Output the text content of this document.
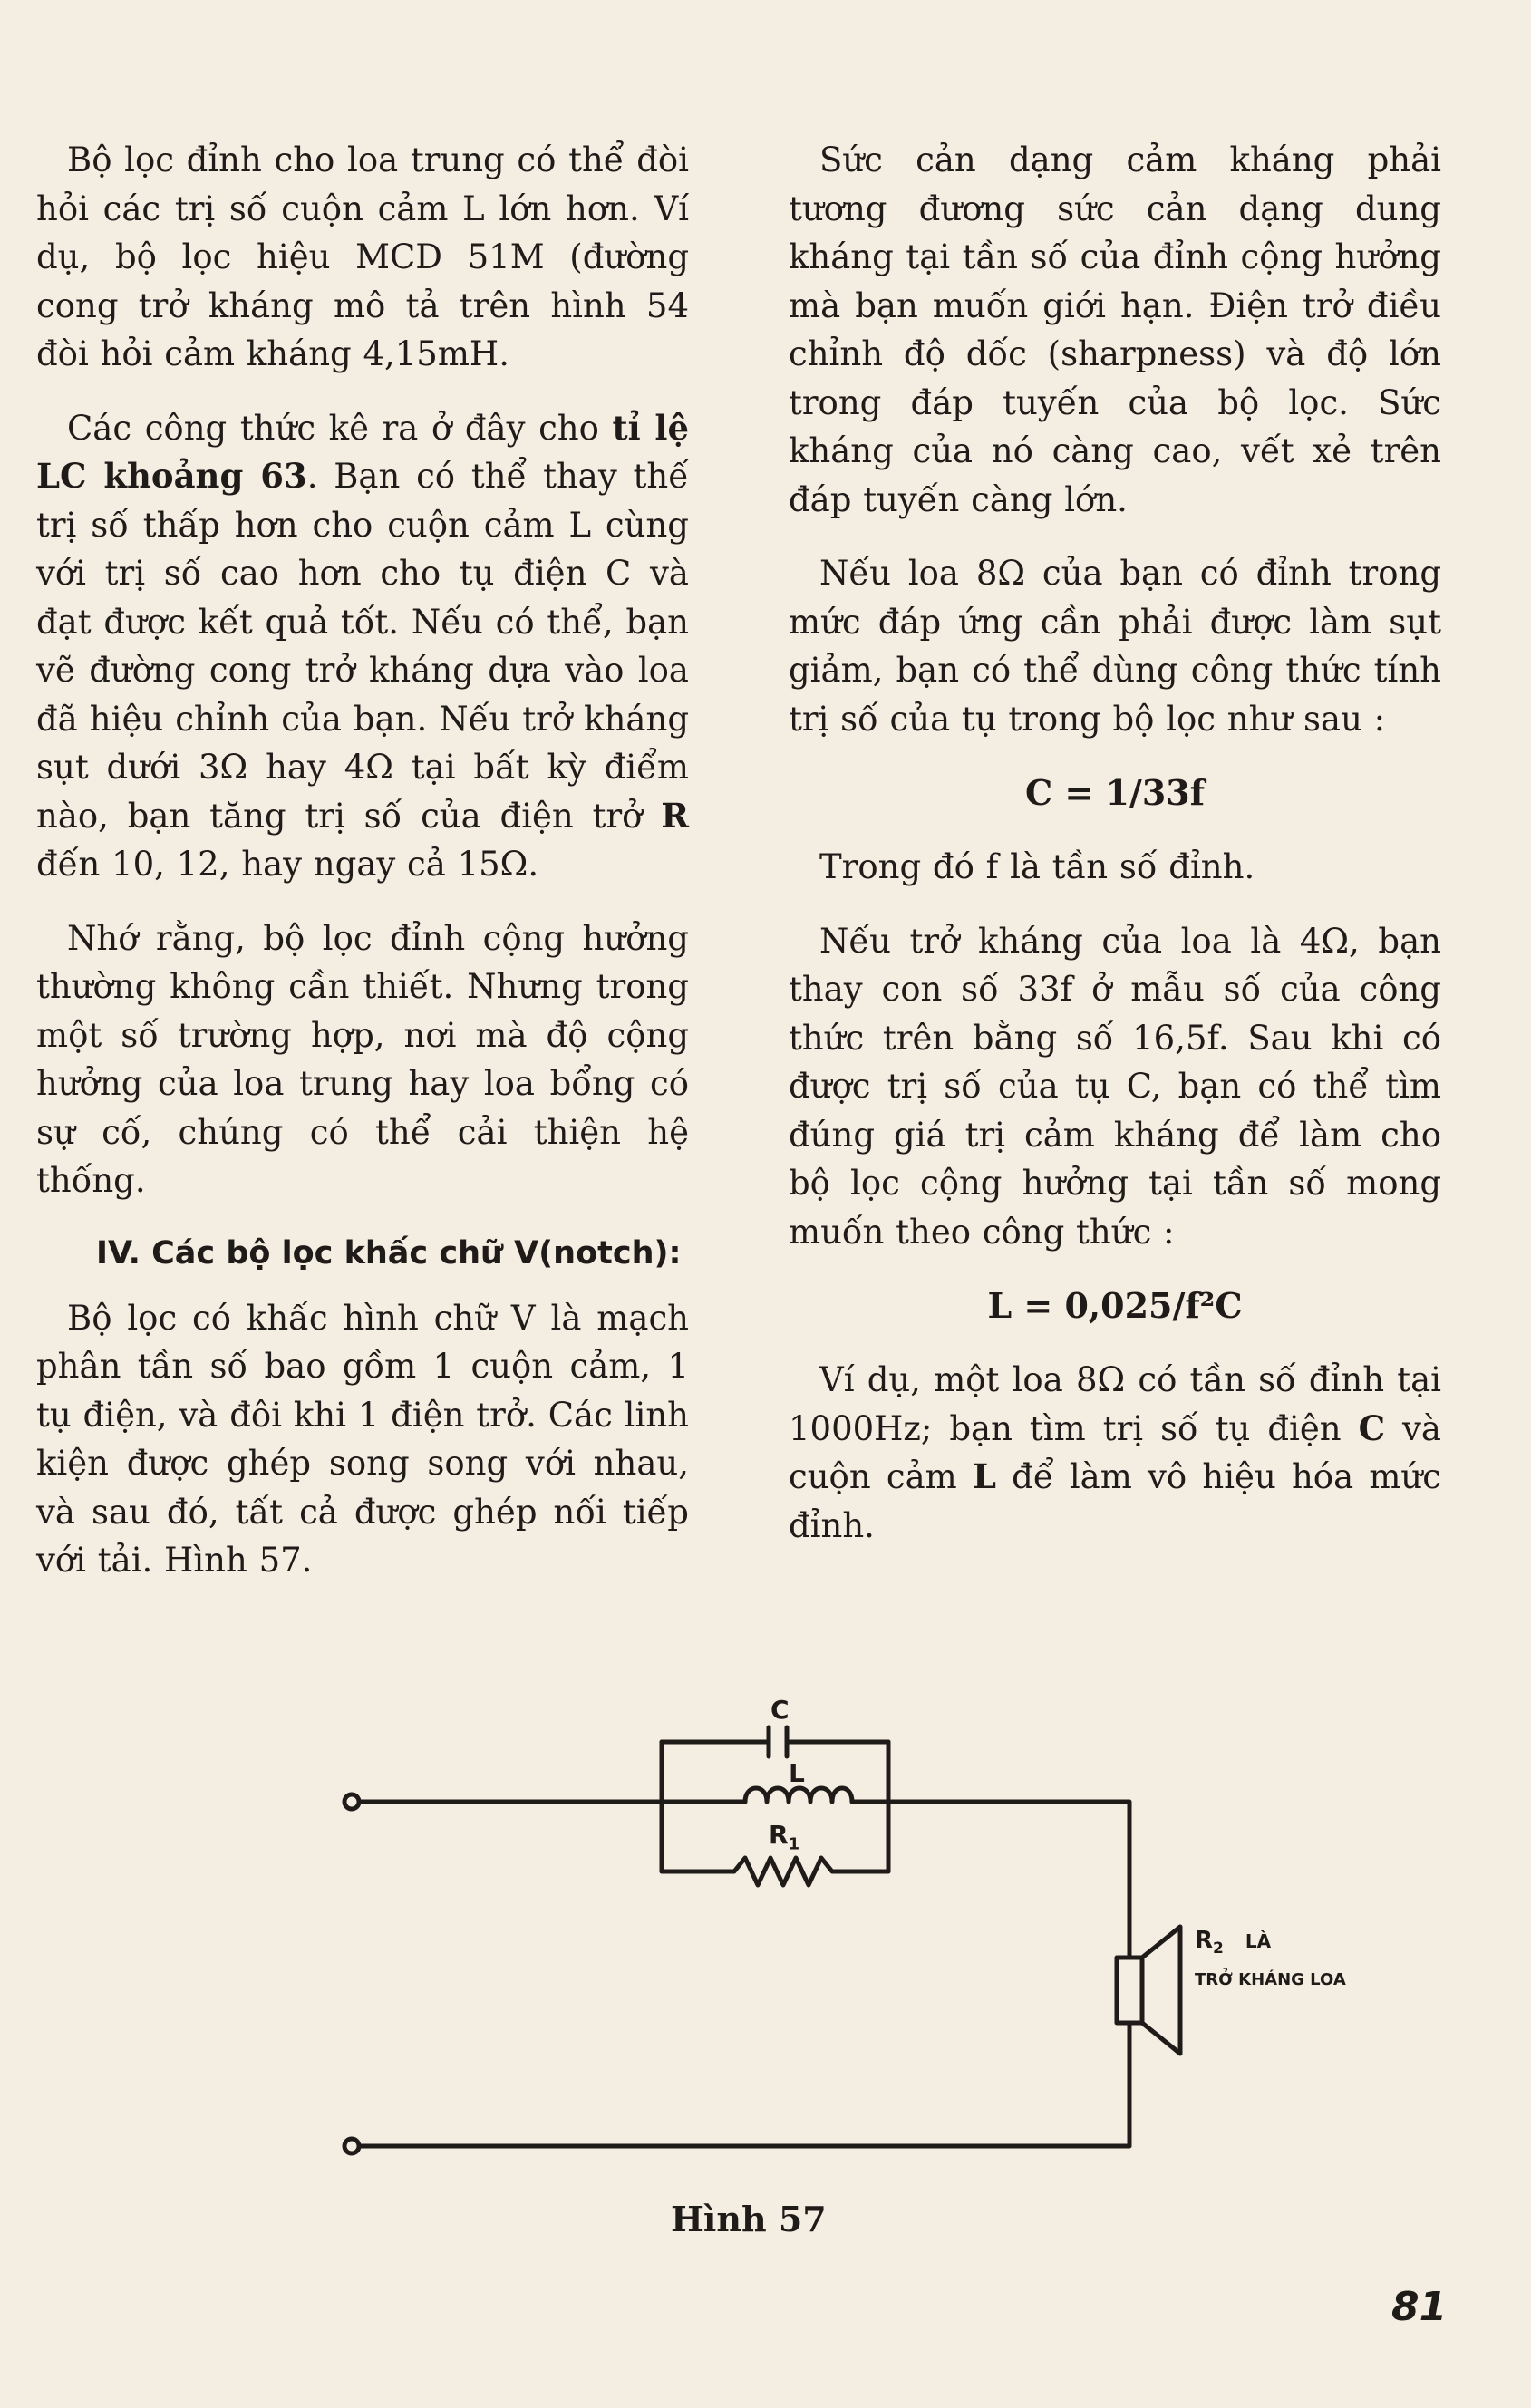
Bộ lọc đỉnh cho loa trung có thể đòi hỏi các trị số cuộn cảm L lớn hơn. Ví dụ, bộ lọc hiệu MCD 51M (đường cong trở kháng mô tả trên hình 54 đòi hỏi cảm kháng 4,15mH.

Các công thức kê ra ở đây cho tỉ lệ LC khoảng 63. Bạn có thể thay thế trị số thấp hơn cho cuộn cảm L cùng với trị số cao hơn cho tụ điện C và đạt được kết quả tốt. Nếu có thể, bạn vẽ đường cong trở kháng dựa vào loa đã hiệu chỉnh của bạn. Nếu trở kháng sụt dưới 3Ω hay 4Ω tại bất kỳ điểm nào, bạn tăng trị số của điện trở R đến 10, 12, hay ngay cả 15Ω.

Nhớ rằng, bộ lọc đỉnh cộng hưởng thường không cần thiết. Nhưng trong một số trường hợp, nơi mà độ cộng hưởng của loa trung hay loa bổng có sự cố, chúng có thể cải thiện hệ thống.

IV. Các bộ lọc khấc chữ V(notch):

Bộ lọc có khấc hình chữ V là mạch phân tần số bao gồm 1 cuộn cảm, 1 tụ điện, và đôi khi 1 điện trở. Các linh kiện được ghép song song với nhau, và sau đó, tất cả được ghép nối tiếp với tải. Hình 57.

Sức cản dạng cảm kháng phải tương đương sức cản dạng dung kháng tại tần số của đỉnh cộng hưởng mà bạn muốn giới hạn. Điện trở điều chỉnh độ dốc (sharpness) và độ lớn trong đáp tuyến của bộ lọc. Sức kháng của nó càng cao, vết xẻ trên đáp tuyến càng lớn.

Nếu loa 8Ω của bạn có đỉnh trong mức đáp ứng cần phải được làm sụt giảm, bạn có thể dùng công thức tính trị số của tụ trong bộ lọc như sau :

C = 1/33f

Trong đó f là tần số đỉnh.

Nếu trở kháng của loa là 4Ω, bạn thay con số 33f ở mẫu số của công thức trên bằng số 16,5f. Sau khi có được trị số của tụ C, bạn có thể tìm đúng giá trị cảm kháng để làm cho bộ lọc cộng hưởng tại tần số mong muốn theo công thức :

L = 0,025/f²C

Ví dụ, một loa 8Ω có tần số đỉnh tại 1000Hz; bạn tìm trị số tụ điện C và cuộn cảm L để làm vô hiệu hóa mức đỉnh.

C
L
$R_1$
$R_2$ LÀ
TRỞ KHÁNG LOA
Hình 57
81
